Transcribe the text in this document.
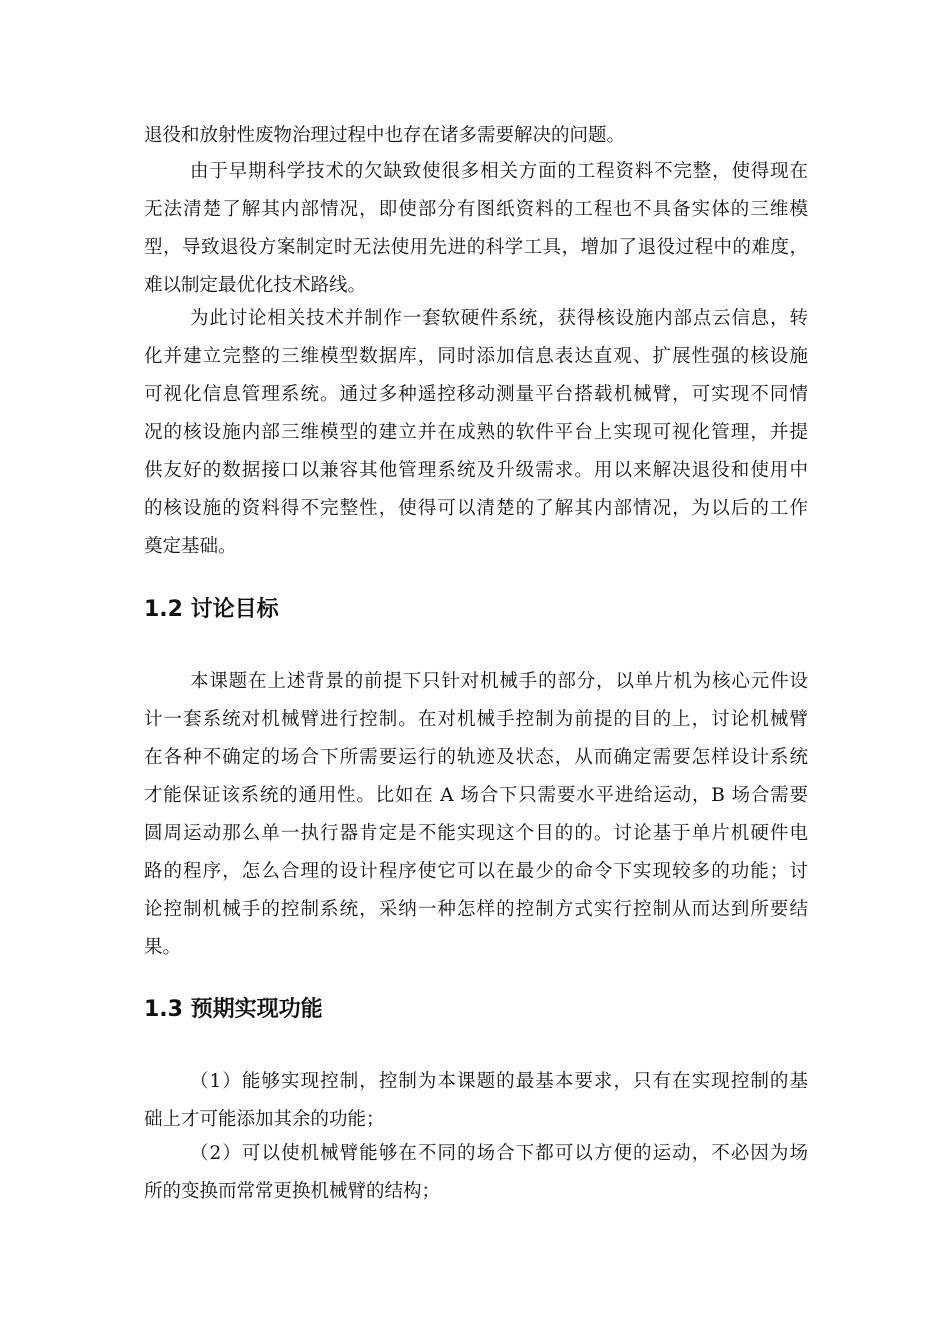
退役和放射性废物治理过程中也存在诸多需要解决的问题。
由于早期科学技术的欠缺致使很多相关方面的工程资料不完整，使得现在
无法清楚了解其内部情况，即使部分有图纸资料的工程也不具备实体的三维模
型，导致退役方案制定时无法使用先进的科学工具，增加了退役过程中的难度，
难以制定最优化技术路线。
为此讨论相关技术并制作一套软硬件系统，获得核设施内部点云信息，转
化并建立完整的三维模型数据库，同时添加信息表达直观、扩展性强的核设施
可视化信息管理系统。通过多种遥控移动测量平台搭载机械臂，可实现不同情
况的核设施内部三维模型的建立并在成熟的软件平台上实现可视化管理，并提
供友好的数据接口以兼容其他管理系统及升级需求。用以来解决退役和使用中
的核设施的资料得不完整性，使得可以清楚的了解其内部情况，为以后的工作
奠定基础。
1.2 讨论目标
本课题在上述背景的前提下只针对机械手的部分，以单片机为核心元件设
计一套系统对机械臂进行控制。在对机械手控制为前提的目的上，讨论机械臂
在各种不确定的场合下所需要运行的轨迹及状态，从而确定需要怎样设计系统
才能保证该系统的通用性。比如在 A 场合下只需要水平进给运动，B 场合需要
圆周运动那么单一执行器肯定是不能实现这个目的的。讨论基于单片机硬件电
路的程序，怎么合理的设计程序使它可以在最少的命令下实现较多的功能；讨
论控制机械手的控制系统，采纳一种怎样的控制方式实行控制从而达到所要结
果。
1.3 预期实现功能
（1）能够实现控制，控制为本课题的最基本要求，只有在实现控制的基
础上才可能添加其余的功能；
（2）可以使机械臂能够在不同的场合下都可以方便的运动，不必因为场
所的变换而常常更换机械臂的结构；
